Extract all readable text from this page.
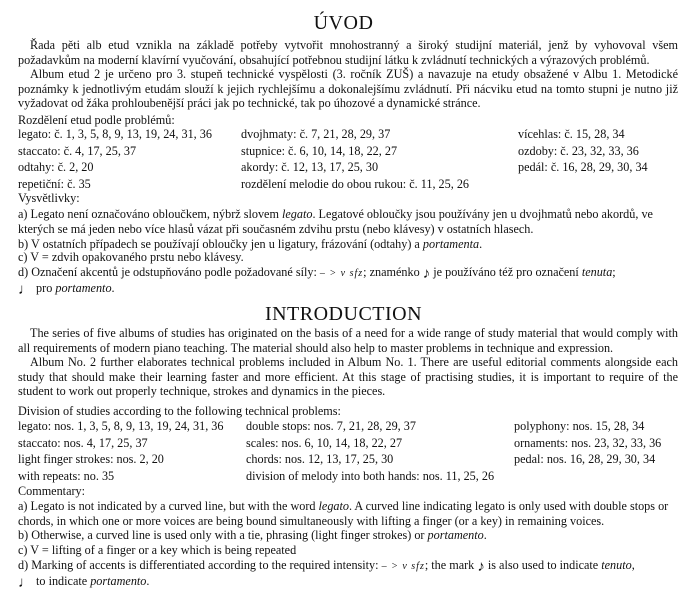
ÚVOD
Řada pěti alb etud vznikla na základě potřeby vytvořit mnohostranný a široký studijní materiál, jenž by vyhovoval všem požadavkům na moderní klavírní vyučování, obsahující potřebnou studijní látku k zvládnutí technických a výrazových problémů.
Album etud 2 je určeno pro 3. stupeň technické vyspělosti (3. ročník ZUŠ) a navazuje na etudy obsažené v Albu 1. Metodické poznámky k jednotlivým etudám slouží k jejich rychlejšímu a dokonalejšímu zvládnutí. Při nácviku etud na tomto stupni je nutno již vyžadovat od žáka prohloubenější práci jak po technické, tak po úhozové a dynamické stránce.
Rozdělení etud podle problémů:
legato: č. 1, 3, 5, 8, 9, 13, 19, 24, 31, 36
staccato: č. 4, 17, 25, 37
odtahy: č. 2, 20
repetiční: č. 35
dvojhmaty: č. 7, 21, 28, 29, 37
stupnice: č. 6, 10, 14, 18, 22, 27
akordy: č. 12, 13, 17, 25, 30
rozdělení melodie do obou rukou: č. 11, 25, 26
vícehlas: č. 15, 28, 34
ozdoby: č. 23, 32, 33, 36
pedál: č. 16, 28, 29, 30, 34
Vysvětlivky:
a) Legato není označováno obloučkem, nýbrž slovem legato. Legatové obloučky jsou používány jen u dvojhmatů nebo akordů, ve kterých se má jeden nebo více hlasů vázat při současném zdvihu prstu (nebo klávesy) v ostatních hlasech.
b) V ostatních případech se používají obloučky jen u ligatury, frázování (odtahy) a portamenta.
c) V = zdvih opakovaného prstu nebo klávesy.
d) Označení akcentů je odstupňováno podle požadované síly: – > v sfz; znaménko ♪ je používáno též pro označení tenuta;
♩ pro portamento.
INTRODUCTION
The series of five albums of studies has originated on the basis of a need for a wide range of study material that would comply with all requirements of modern piano teaching. The material should also help to master problems in technique and expression.
Album No. 2 further elaborates technical problems included in Album No. 1. There are useful editorial comments alongside each study that should make their learning faster and more efficient. At this stage of practising studies, it is important to require of the student to work out properly technique, strokes and dynamics in the pieces.
Division of studies according to the following technical problems:
legato: nos. 1, 3, 5, 8, 9, 13, 19, 24, 31, 36
staccato: nos. 4, 17, 25, 37
light finger strokes: nos. 2, 20
with repeats: no. 35
double stops: nos. 7, 21, 28, 29, 37
scales: nos. 6, 10, 14, 18, 22, 27
chords: nos. 12, 13, 17, 25, 30
division of melody into both hands: nos. 11, 25, 26
polyphony: nos. 15, 28, 34
ornaments: nos. 23, 32, 33, 36
pedal: nos. 16, 28, 29, 30, 34
Commentary:
a) Legato is not indicated by a curved line, but with the word legato. A curved line indicating legato is only used with double stops or chords, in which one or more voices are being bound simultaneously with lifting a finger (or a key) in remaining voices.
b) Otherwise, a curved line is used only with a tie, phrasing (light finger strokes) or portamento.
c) V = lifting of a finger or a key which is being repeated
d) Marking of accents is differentiated according to the required intensity: – > v sfz; the mark ♪ is also used to indicate tenuto,
♩ to indicate portamento.
